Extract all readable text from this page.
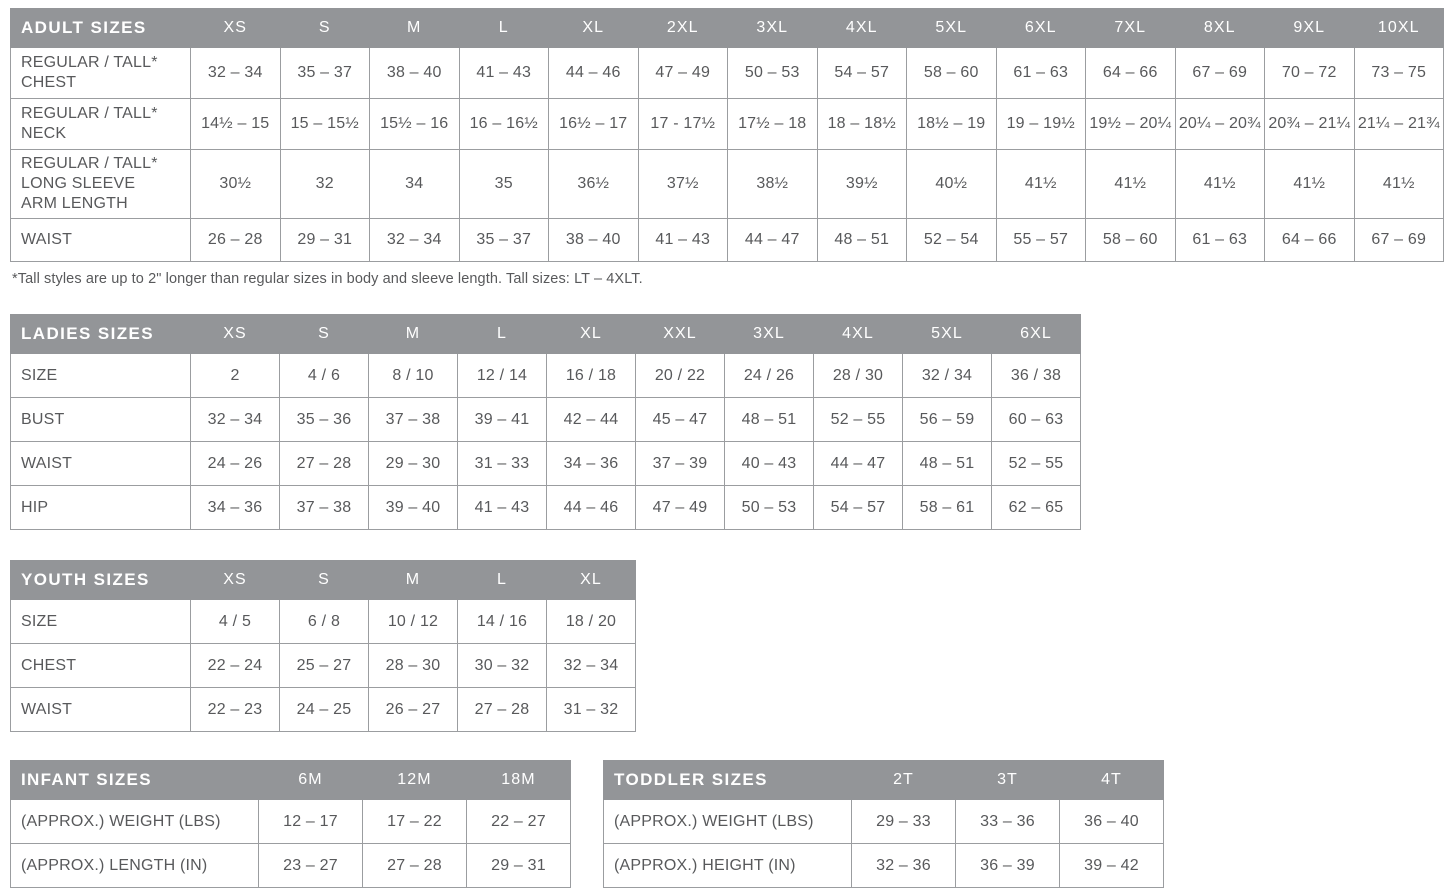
ADULT SIZES	XS	S	M	L	XL	2XL	3XL	4XL	5XL	6XL	7XL	8XL	9XL	10XL
REGULAR / TALL*
CHEST	32 – 34	35 – 37	38 – 40	41 – 43	44 – 46	47 – 49	50 – 53	54 – 57	58 – 60	61 – 63	64 – 66	67 – 69	70 – 72	73 – 75
REGULAR / TALL*
NECK	14½ – 15	15 – 15½	15½ – 16	16 – 16½	16½ – 17	17 - 17½	17½ – 18	18 – 18½	18½ – 19	19 – 19½	19½ – 20¼	20¼ – 20¾	20¾ – 21¼	21¼ – 21¾
REGULAR / TALL*
LONG SLEEVE
ARM LENGTH	30½	32	34	35	36½	37½	38½	39½	40½	41½	41½	41½	41½	41½
WAIST	26 – 28	29 – 31	32 – 34	35 – 37	38 – 40	41 – 43	44 – 47	48 – 51	52 – 54	55 – 57	58 – 60	61 – 63	64 – 66	67 – 69
*Tall styles are up to 2" longer than regular sizes in body and sleeve length. Tall sizes: LT – 4XLT.
LADIES SIZES	XS	S	M	L	XL	XXL	3XL	4XL	5XL	6XL
SIZE	2	4 / 6	8 / 10	12 / 14	16 / 18	20 / 22	24 / 26	28 / 30	32 / 34	36 / 38
BUST	32 – 34	35 – 36	37 – 38	39 – 41	42 – 44	45 – 47	48 – 51	52 – 55	56 – 59	60 – 63
WAIST	24 – 26	27 – 28	29 – 30	31 – 33	34 – 36	37 – 39	40 – 43	44 – 47	48 – 51	52 – 55
HIP	34 – 36	37 – 38	39 – 40	41 – 43	44 – 46	47 – 49	50 – 53	54 – 57	58 – 61	62 – 65
YOUTH SIZES	XS	S	M	L	XL
SIZE	4 / 5	6 / 8	10 / 12	14 / 16	18 / 20
CHEST	22 – 24	25 – 27	28 – 30	30 – 32	32 – 34
WAIST	22 – 23	24 – 25	26 – 27	27 – 28	31 – 32
INFANT SIZES	6M	12M	18M
(APPROX.) WEIGHT (LBS)	12 – 17	17 – 22	22 – 27
(APPROX.) LENGTH (IN)	23 – 27	27 – 28	29 – 31
TODDLER SIZES	2T	3T	4T
(APPROX.) WEIGHT (LBS)	29 – 33	33 – 36	36 – 40
(APPROX.) HEIGHT (IN)	32 – 36	36 – 39	39 – 42
